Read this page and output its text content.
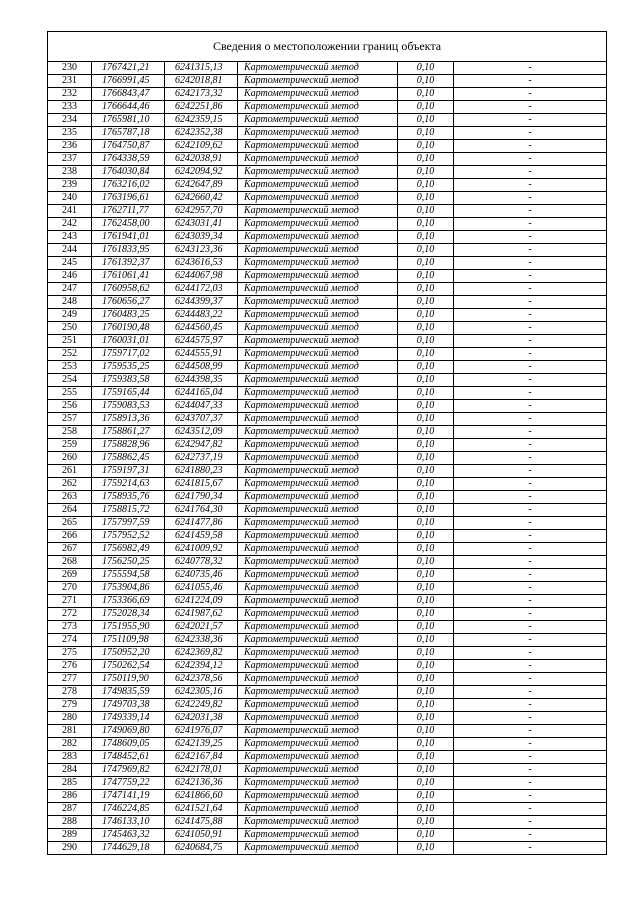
Сведения о местоположении границ объекта
230	1767421,21	6241315,13	Картометрический метод	0,10	-
231	1766991,45	6242018,81	Картометрический метод	0,10	-
232	1766843,47	6242173,32	Картометрический метод	0,10	-
233	1766644,46	6242251,86	Картометрический метод	0,10	-
234	1765981,10	6242359,15	Картометрический метод	0,10	-
235	1765787,18	6242352,38	Картометрический метод	0,10	-
236	1764750,87	6242109,62	Картометрический метод	0,10	-
237	1764338,59	6242038,91	Картометрический метод	0,10	-
238	1764030,84	6242094,92	Картометрический метод	0,10	-
239	1763216,02	6242647,89	Картометрический метод	0,10	-
240	1763196,61	6242660,42	Картометрический метод	0,10	-
241	1762711,77	6242957,70	Картометрический метод	0,10	-
242	1762458,00	6243031,41	Картометрический метод	0,10	-
243	1761941,01	6243039,34	Картометрический метод	0,10	-
244	1761833,95	6243123,36	Картометрический метод	0,10	-
245	1761392,37	6243616,53	Картометрический метод	0,10	-
246	1761061,41	6244067,98	Картометрический метод	0,10	-
247	1760958,62	6244172,03	Картометрический метод	0,10	-
248	1760656,27	6244399,37	Картометрический метод	0,10	-
249	1760483,25	6244483,22	Картометрический метод	0,10	-
250	1760190,48	6244560,45	Картометрический метод	0,10	-
251	1760031,01	6244575,97	Картометрический метод	0,10	-
252	1759717,02	6244555,91	Картометрический метод	0,10	-
253	1759535,25	6244508,99	Картометрический метод	0,10	-
254	1759383,58	6244398,35	Картометрический метод	0,10	-
255	1759165,44	6244165,04	Картометрический метод	0,10	-
256	1759083,53	6244047,33	Картометрический метод	0,10	-
257	1758913,36	6243707,37	Картометрический метод	0,10	-
258	1758861,27	6243512,09	Картометрический метод	0,10	-
259	1758828,96	6242947,82	Картометрический метод	0,10	-
260	1758862,45	6242737,19	Картометрический метод	0,10	-
261	1759197,31	6241880,23	Картометрический метод	0,10	-
262	1759214,63	6241815,67	Картометрический метод	0,10	-
263	1758935,76	6241790,34	Картометрический метод	0,10	-
264	1758815,72	6241764,30	Картометрический метод	0,10	-
265	1757997,59	6241477,86	Картометрический метод	0,10	-
266	1757952,52	6241459,58	Картометрический метод	0,10	-
267	1756982,49	6241009,92	Картометрический метод	0,10	-
268	1756250,25	6240778,32	Картометрический метод	0,10	-
269	1755594,58	6240735,46	Картометрический метод	0,10	-
270	1753904,86	6241055,46	Картометрический метод	0,10	-
271	1753366,69	6241224,09	Картометрический метод	0,10	-
272	1752028,34	6241987,62	Картометрический метод	0,10	-
273	1751955,90	6242021,57	Картометрический метод	0,10	-
274	1751109,98	6242338,36	Картометрический метод	0,10	-
275	1750952,20	6242369,82	Картометрический метод	0,10	-
276	1750262,54	6242394,12	Картометрический метод	0,10	-
277	1750119,90	6242378,56	Картометрический метод	0,10	-
278	1749835,59	6242305,16	Картометрический метод	0,10	-
279	1749703,38	6242249,82	Картометрический метод	0,10	-
280	1749339,14	6242031,38	Картометрический метод	0,10	-
281	1749069,80	6241976,07	Картометрический метод	0,10	-
282	1748609,05	6242139,25	Картометрический метод	0,10	-
283	1748452,61	6242167,84	Картометрический метод	0,10	-
284	1747969,82	6242178,01	Картометрический метод	0,10	-
285	1747759,22	6242136,36	Картометрический метод	0,10	-
286	1747141,19	6241866,60	Картометрический метод	0,10	-
287	1746224,85	6241521,64	Картометрический метод	0,10	-
288	1746133,10	6241475,88	Картометрический метод	0,10	-
289	1745463,32	6241050,91	Картометрический метод	0,10	-
290	1744629,18	6240684,75	Картометрический метод	0,10	-
